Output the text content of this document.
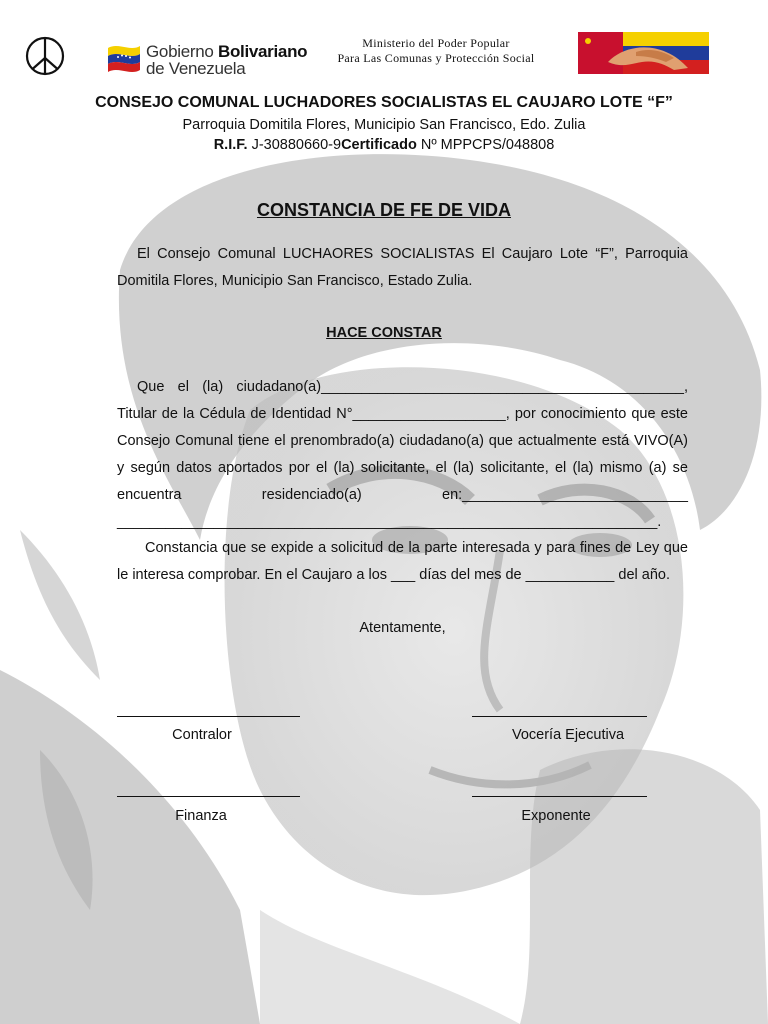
Gobierno Bolivariano
de Venezuela
Ministerio del Poder Popular
Para Las Comunas y Protección Social
CONSEJO COMUNAL LUCHADORES SOCIALISTAS EL CAUJARO LOTE “F”
Parroquia Domitila Flores, Municipio San Francisco, Edo. Zulia
R.I.F. J-30880660-9Certificado Nº MPPCPS/048808
CONSTANCIA DE FE DE VIDA
El Consejo Comunal LUCHAORES SOCIALISTAS El Caujaro Lote “F”, Parroquia Domitila Flores, Municipio San Francisco, Estado Zulia.
HACE CONSTAR
Que el (la) ciudadano(a)_____________________________________________, Titular de la Cédula de Identidad N°___________________, por conocimiento que este Consejo Comunal tiene el prenombrado(a) ciudadano(a) que actualmente está VIVO(A) y según datos aportados por el (la) solicitante, el (la) solicitante, el (la) mismo (a) se encuentra residenciado(a) en:____________________________ ___________________________________________________________________.
Constancia que se expide a solicitud de la parte interesada y para fines de Ley que le interesa comprobar. En el Caujaro a los ___ días del mes de ___________ del año.
Atentamente,
Contralor	Vocería Ejecutiva
Finanza	Exponente
